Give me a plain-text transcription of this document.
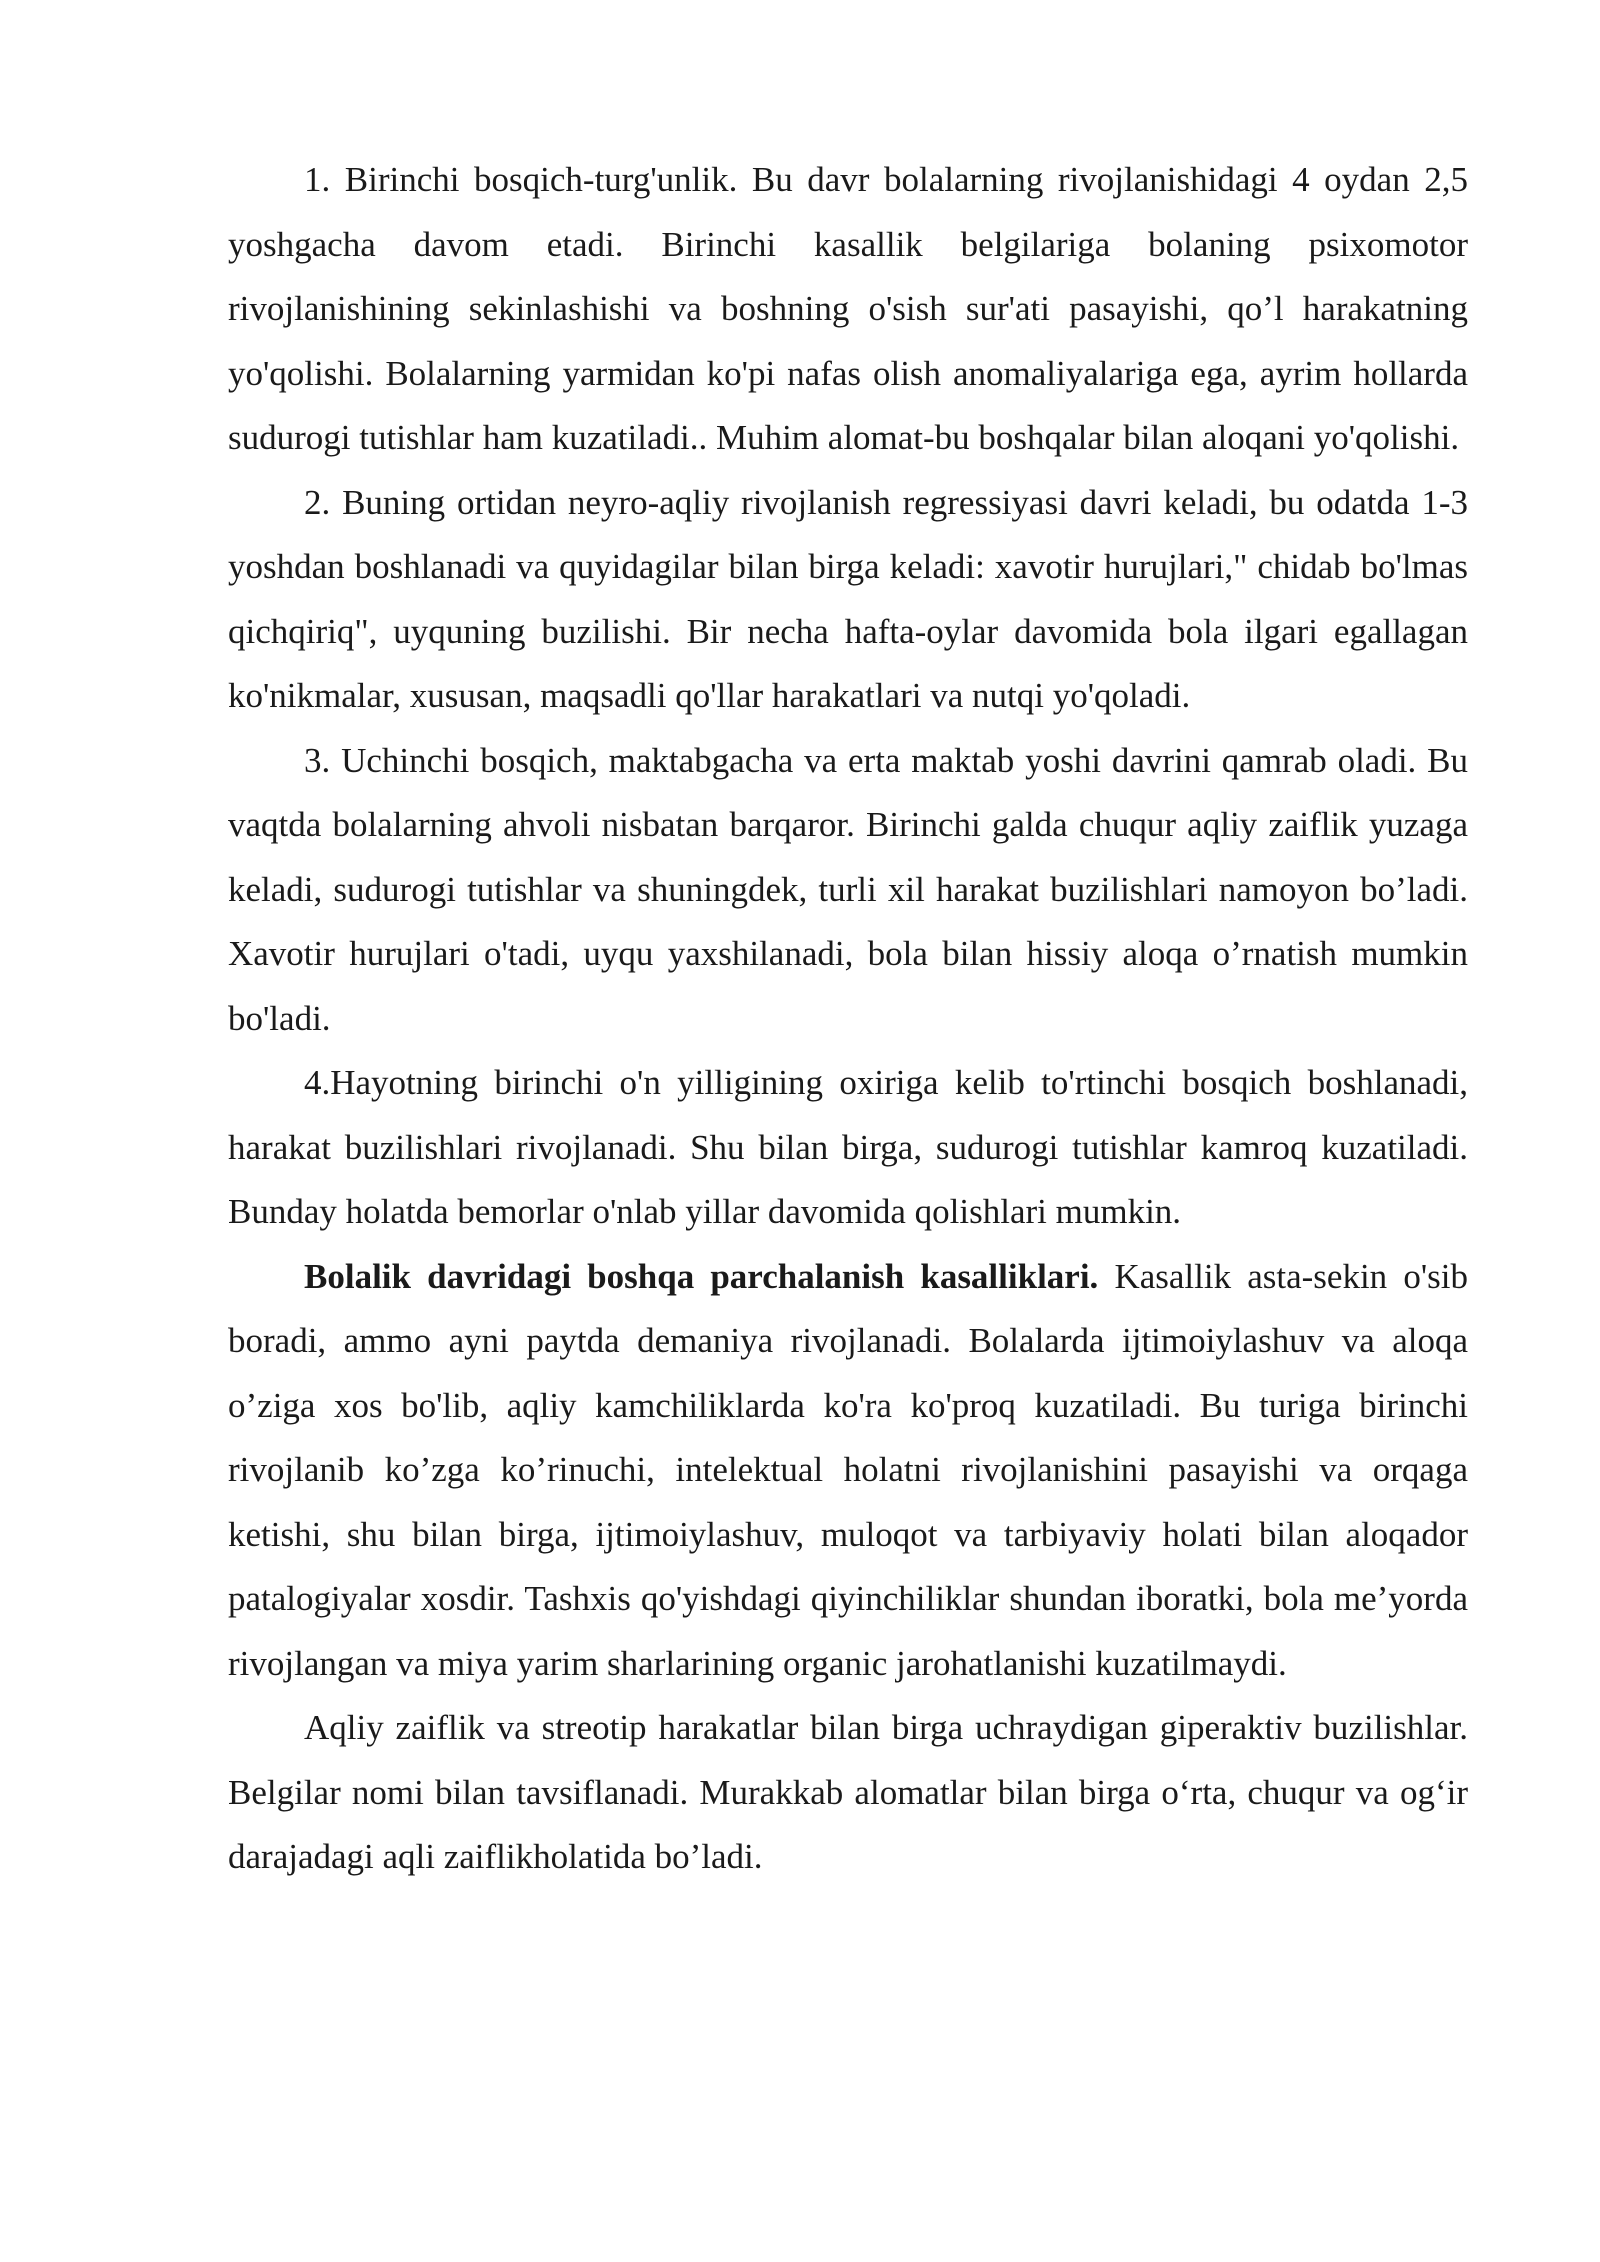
1. Birinchi bosqich-turg'unlik. Bu davr bolalarning rivojlanishidagi 4 oydan 2,5 yoshgacha davom etadi. Birinchi kasallik belgilariga bolaning psixomotor rivojlanishining sekinlashishi va boshning o'sish sur'ati pasayishi, qo’l harakatning yo'qolishi. Bolalarning yarmidan ko'pi nafas olish anomaliyalariga ega, ayrim hollarda sudurogi tutishlar ham kuzatiladi.. Muhim alomat-bu boshqalar bilan aloqani yo'qolishi.

2. Buning ortidan neyro-aqliy rivojlanish regressiyasi davri keladi, bu odatda 1-3 yoshdan boshlanadi va quyidagilar bilan birga keladi: xavotir hurujlari," chidab bo'lmas qichqiriq", uyquning buzilishi. Bir necha hafta-oylar davomida bola ilgari egallagan ko'nikmalar, xususan, maqsadli qo'llar harakatlari va nutqi yo'qoladi.

3. Uchinchi bosqich, maktabgacha va erta maktab yoshi davrini qamrab oladi. Bu vaqtda bolalarning ahvoli nisbatan barqaror. Birinchi galda chuqur aqliy zaiflik yuzaga keladi, sudurogi tutishlar va shuningdek, turli xil harakat buzilishlari namoyon bo’ladi. Xavotir hurujlari o'tadi, uyqu yaxshilanadi, bola bilan hissiy aloqa o’rnatish mumkin bo'ladi.

4.Hayotning birinchi o'n yilligining oxiriga kelib to'rtinchi bosqich boshlanadi, harakat buzilishlari rivojlanadi. Shu bilan birga, sudurogi tutishlar kamroq kuzatiladi. Bunday holatda bemorlar o'nlab yillar davomida qolishlari mumkin.

Bolalik davridagi boshqa parchalanish kasalliklari. Kasallik asta-sekin o'sib boradi, ammo ayni paytda demaniya rivojlanadi. Bolalarda ijtimoiylashuv va aloqa o’ziga xos bo'lib, aqliy kamchiliklarda ko'ra ko'proq kuzatiladi. Bu turiga birinchi rivojlanib ko’zga ko’rinuchi, intelektual holatni rivojlanishini pasayishi va orqaga ketishi, shu bilan birga, ijtimoiylashuv, muloqot va tarbiyaviy holati bilan aloqador patalogiyalar xosdir. Tashxis qo'yishdagi qiyinchiliklar shundan iboratki, bola me’yorda rivojlangan va miya yarim sharlarining organic jarohatlanishi kuzatilmaydi.

Aqliy zaiflik va streotip harakatlar bilan birga uchraydigan giperaktiv buzilishlar. Belgilar nomi bilan tavsiflanadi. Murakkab alomatlar bilan birga o‘rta, chuqur va og‘ir darajadagi aqli zaiflikholatida bo’ladi.
